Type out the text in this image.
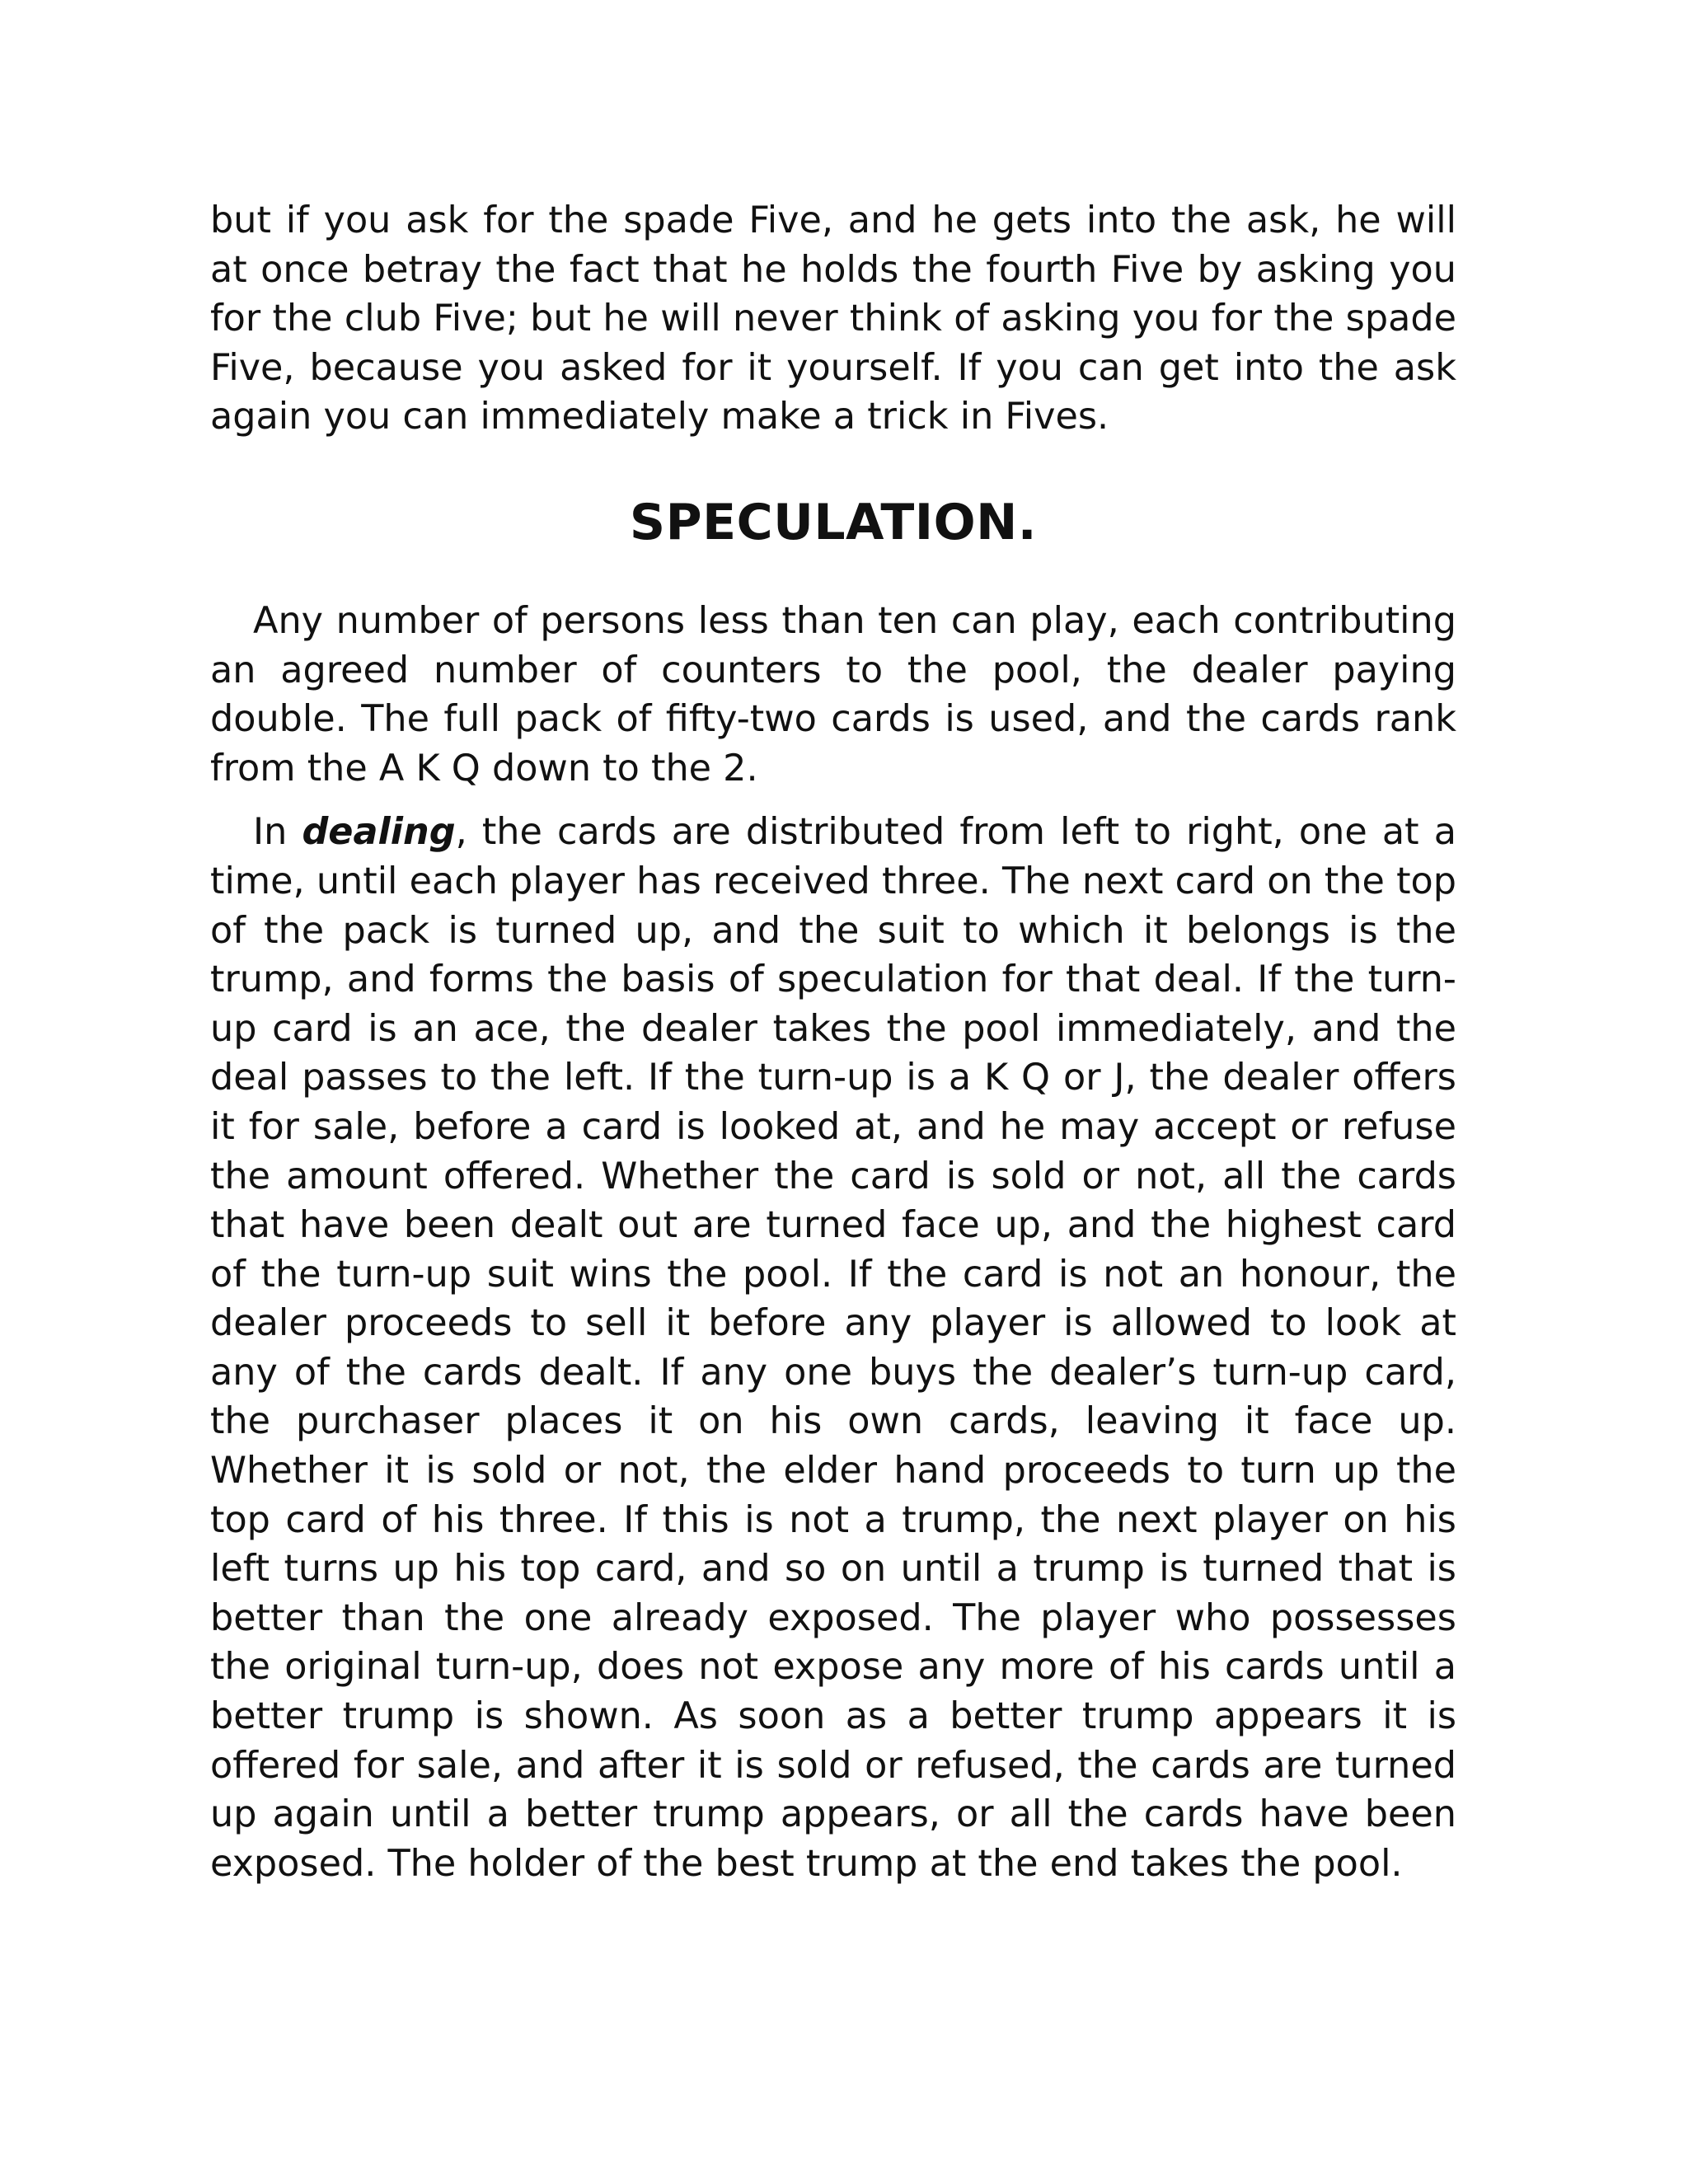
but if you ask for the spade Five, and he gets into the ask, he will at once betray the fact that he holds the fourth Five by asking you for the club Five; but he will never think of asking you for the spade Five, because you asked for it yourself. If you can get into the ask again you can immediately make a trick in Fives.

SPECULATION.

Any number of persons less than ten can play, each contributing an agreed number of counters to the pool, the dealer paying double. The full pack of fifty-two cards is used, and the cards rank from the A K Q down to the 2.

In dealing, the cards are distributed from left to right, one at a time, until each player has received three. The next card on the top of the pack is turned up, and the suit to which it belongs is the trump, and forms the basis of speculation for that deal. If the turn-up card is an ace, the dealer takes the pool immediately, and the deal passes to the left. If the turn-up is a K Q or J, the dealer offers it for sale, before a card is looked at, and he may accept or refuse the amount offered. Whether the card is sold or not, all the cards that have been dealt out are turned face up, and the highest card of the turn-up suit wins the pool. If the card is not an honour, the dealer proceeds to sell it before any player is allowed to look at any of the cards dealt. If any one buys the dealer’s turn-up card, the purchaser places it on his own cards, leaving it face up. Whether it is sold or not, the elder hand proceeds to turn up the top card of his three. If this is not a trump, the next player on his left turns up his top card, and so on until a trump is turned that is better than the one already exposed. The player who possesses the original turn-up, does not expose any more of his cards until a better trump is shown. As soon as a better trump appears it is offered for sale, and after it is sold or refused, the cards are turned up again until a better trump appears, or all the cards have been exposed. The holder of the best trump at the end takes the pool.
